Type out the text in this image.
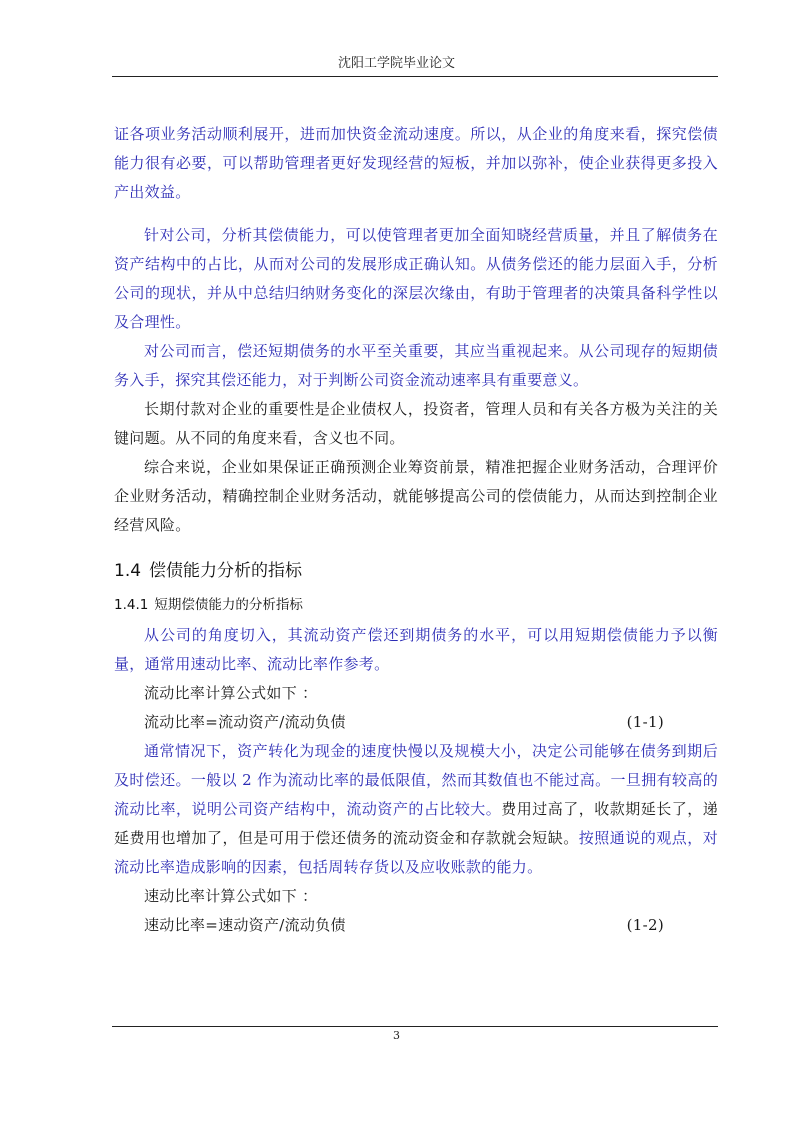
沈阳工学院毕业论文

证各项业务活动顺利展开，进而加快资金流动速度。所以，从企业的角度来看，探究偿债能力很有必要，可以帮助管理者更好发现经营的短板，并加以弥补，使企业获得更多投入产出效益。

针对公司，分析其偿债能力，可以使管理者更加全面知晓经营质量，并且了解债务在资产结构中的占比，从而对公司的发展形成正确认知。从债务偿还的能力层面入手，分析公司的现状，并从中总结归纳财务变化的深层次缘由，有助于管理者的决策具备科学性以及合理性。

对公司而言，偿还短期债务的水平至关重要，其应当重视起来。从公司现存的短期债务入手，探究其偿还能力，对于判断公司资金流动速率具有重要意义。

长期付款对企业的重要性是企业债权人，投资者，管理人员和有关各方极为关注的关键问题。从不同的角度来看，含义也不同。

综合来说，企业如果保证正确预测企业筹资前景，精准把握企业财务活动，合理评价企业财务活动，精确控制企业财务活动，就能够提高公司的偿债能力，从而达到控制企业经营风险。

1.4 偿债能力分析的指标
1.4.1 短期偿债能力的分析指标

从公司的角度切入，其流动资产偿还到期债务的水平，可以用短期偿债能力予以衡量，通常用速动比率、流动比率作参考。

流动比率计算公式如下 ：

流动比率=流动资产/流动负债	(1-1)

通常情况下，资产转化为现金的速度快慢以及规模大小，决定公司能够在债务到期后及时偿还。一般以 2 作为流动比率的最低限值，然而其数值也不能过高。一旦拥有较高的流动比率，说明公司资产结构中，流动资产的占比较大。费用过高了，收款期延长了，递延费用也增加了，但是可用于偿还债务的流动资金和存款就会短缺。按照通说的观点，对流动比率造成影响的因素，包括周转存货以及应收账款的能力。

速动比率计算公式如下 ：

速动比率=速动资产/流动负债	(1-2)
3
